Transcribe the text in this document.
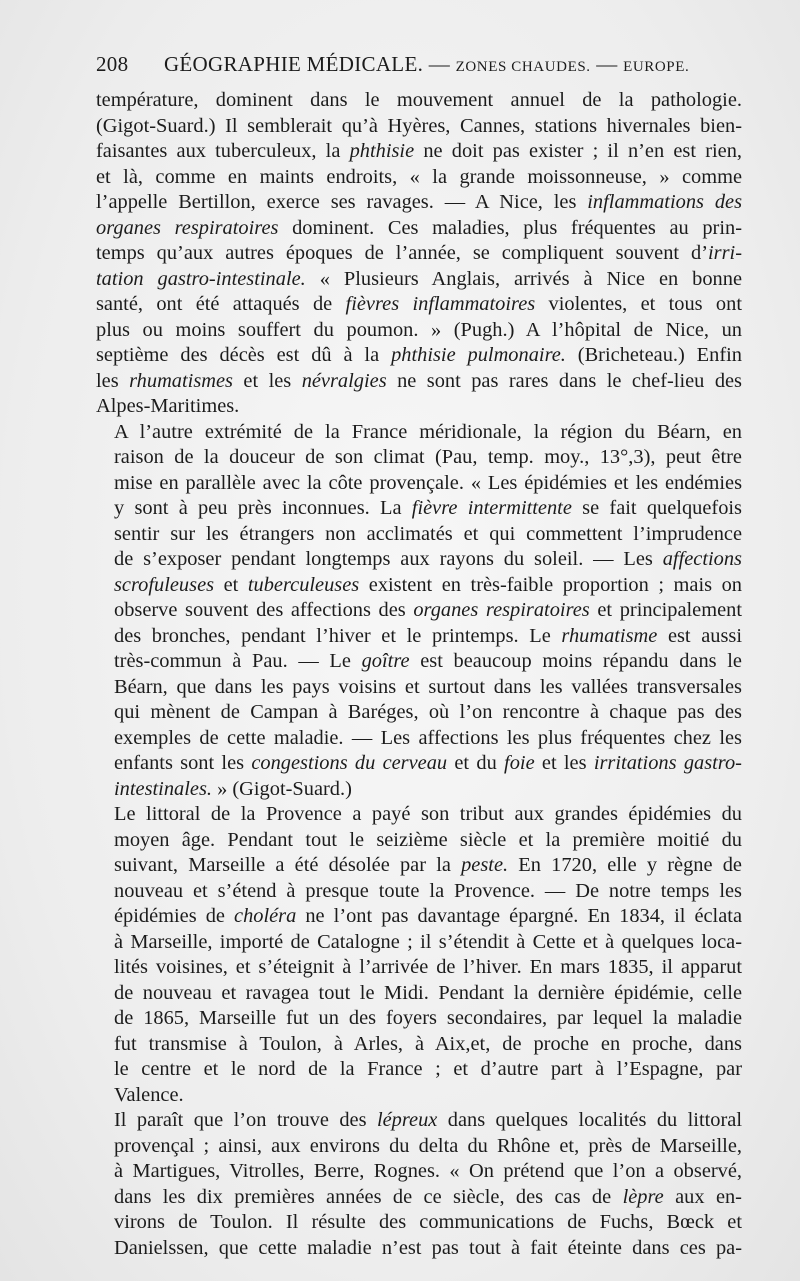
208 GÉOGRAPHIE MÉDICALE. — ZONES CHAUDES. — EUROPE.

température, dominent dans le mouvement annuel de la pathologie.
(Gigot-Suard.) Il semblerait qu’à Hyères, Cannes, stations hivernales bien-
faisantes aux tuberculeux, la phthisie ne doit pas exister ; il n’en est rien,
et là, comme en maints endroits, « la grande moissonneuse, » comme
l’appelle Bertillon, exerce ses ravages. — A Nice, les inflammations des
organes respiratoires dominent. Ces maladies, plus fréquentes au prin-
temps qu’aux autres époques de l’année, se compliquent souvent d’irri-
tation gastro-intestinale. « Plusieurs Anglais, arrivés à Nice en bonne
santé, ont été attaqués de fièvres inflammatoires violentes, et tous ont
plus ou moins souffert du poumon. » (Pugh.) A l’hôpital de Nice, un
septième des décès est dû à la phthisie pulmonaire. (Bricheteau.) Enfin
les rhumatismes et les névralgies ne sont pas rares dans le chef-lieu des
Alpes-Maritimes.

A l’autre extrémité de la France méridionale, la région du Béarn, en
raison de la douceur de son climat (Pau, temp. moy., 13°,3), peut être
mise en parallèle avec la côte provençale. « Les épidémies et les endémies
y sont à peu près inconnues. La fièvre intermittente se fait quelquefois
sentir sur les étrangers non acclimatés et qui commettent l’imprudence
de s’exposer pendant longtemps aux rayons du soleil. — Les affections
scrofuleuses et tuberculeuses existent en très-faible proportion ; mais on
observe souvent des affections des organes respiratoires et principalement
des bronches, pendant l’hiver et le printemps. Le rhumatisme est aussi
très-commun à Pau. — Le goître est beaucoup moins répandu dans le
Béarn, que dans les pays voisins et surtout dans les vallées transversales
qui mènent de Campan à Baréges, où l’on rencontre à chaque pas des
exemples de cette maladie. — Les affections les plus fréquentes chez les
enfants sont les congestions du cerveau et du foie et les irritations gastro-
intestinales. » (Gigot-Suard.)

Le littoral de la Provence a payé son tribut aux grandes épidémies du
moyen âge. Pendant tout le seizième siècle et la première moitié du
suivant, Marseille a été désolée par la peste. En 1720, elle y règne de
nouveau et s’étend à presque toute la Provence. — De notre temps les
épidémies de choléra ne l’ont pas davantage épargné. En 1834, il éclata
à Marseille, importé de Catalogne ; il s’étendit à Cette et à quelques loca-
lités voisines, et s’éteignit à l’arrivée de l’hiver. En mars 1835, il apparut
de nouveau et ravagea tout le Midi. Pendant la dernière épidémie, celle
de 1865, Marseille fut un des foyers secondaires, par lequel la maladie
fut transmise à Toulon, à Arles, à Aix,et, de proche en proche, dans
le centre et le nord de la France ; et d’autre part à l’Espagne, par
Valence.

Il paraît que l’on trouve des lépreux dans quelques localités du littoral
provençal ; ainsi, aux environs du delta du Rhône et, près de Marseille,
à Martigues, Vitrolles, Berre, Rognes. « On prétend que l’on a observé,
dans les dix premières années de ce siècle, des cas de lèpre aux en-
virons de Toulon. Il résulte des communications de Fuchs, Bœck et
Danielssen, que cette maladie n’est pas tout à fait éteinte dans ces pa-
